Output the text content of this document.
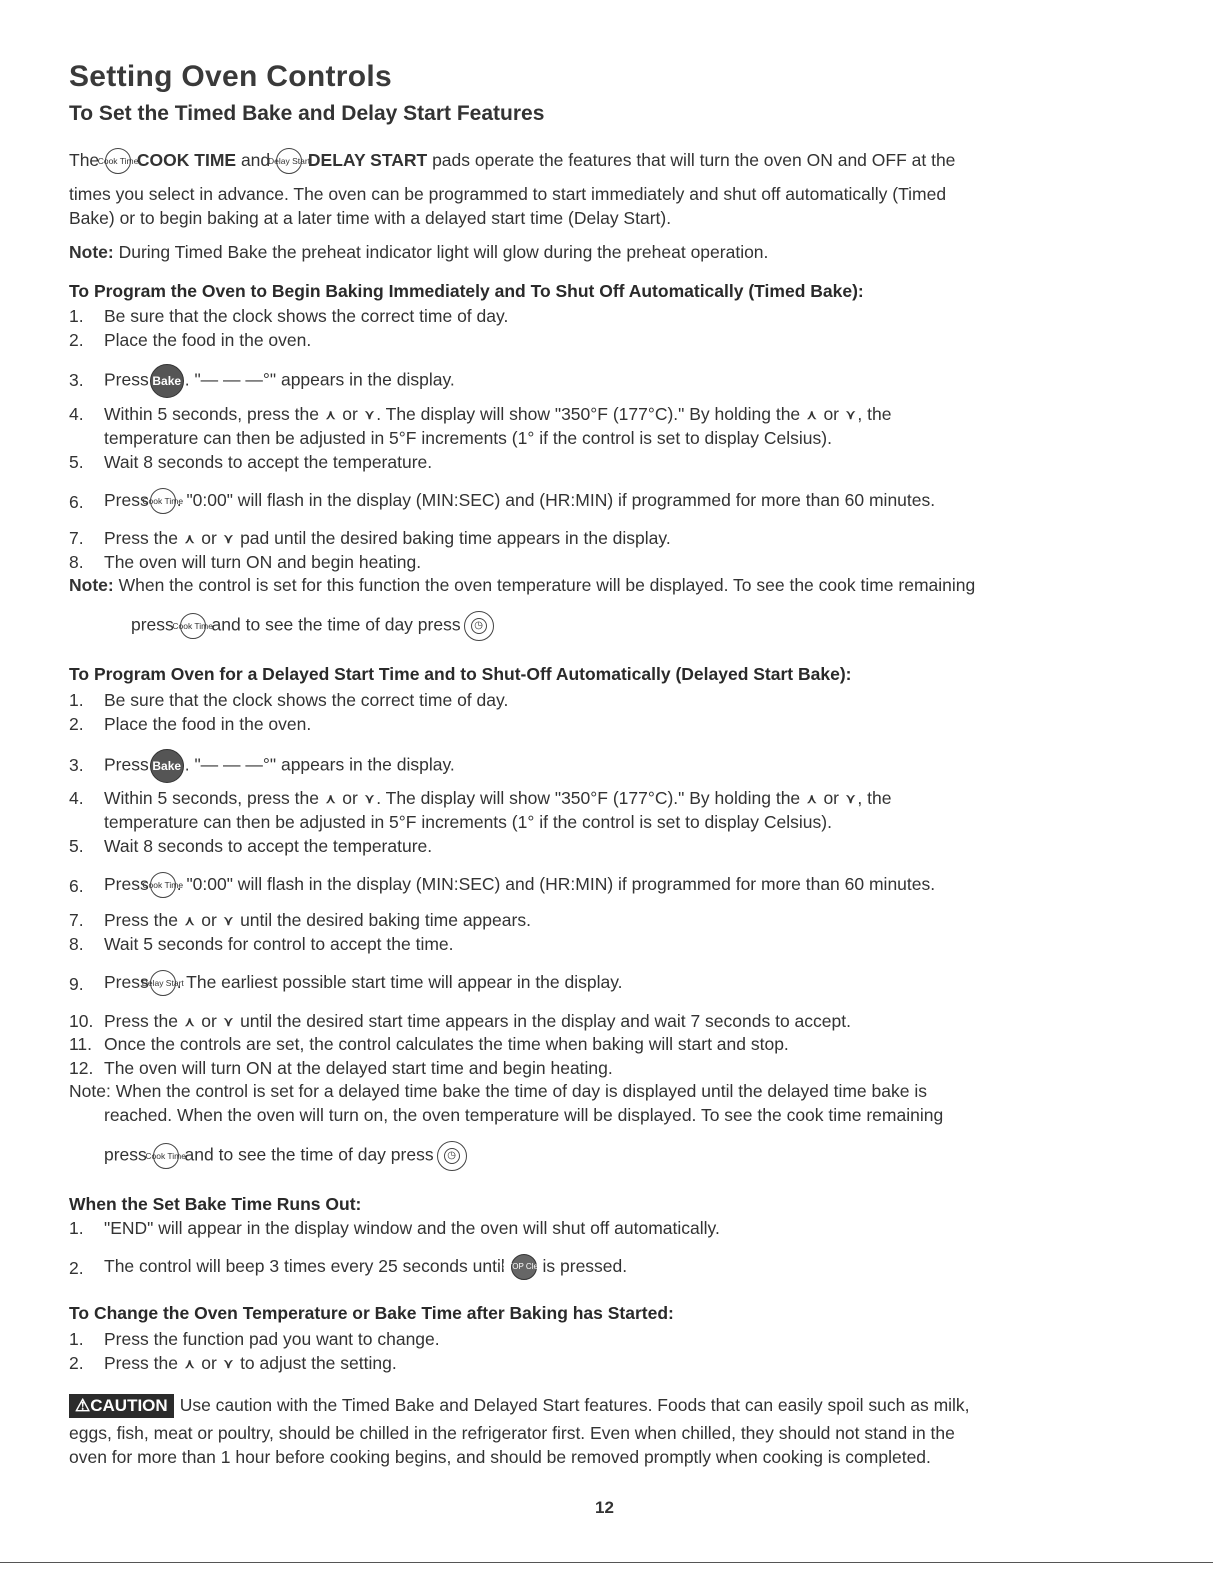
Setting Oven Controls
To Set the Timed Bake and Delay Start Features
The Cook Time COOK TIME and Delay Start DELAY START pads operate the features that will turn the oven ON and OFF at the
times you select in advance. The oven can be programmed to start immediately and shut off automatically (Timed
Bake) or to begin baking at a later time with a delayed start time (Delay Start).
Note: During Timed Bake the preheat indicator light will glow during the preheat operation.
To Program the Oven to Begin Baking Immediately and To Shut Off Automatically (Timed Bake):
1. Be sure that the clock shows the correct time of day.
2. Place the food in the oven.
3. Press Bake . "— — —°" appears in the display.
4. Within 5 seconds, press the ⋏ or ⋎ . The display will show "350°F (177°C)." By holding the ⋏ or ⋎ , the
temperature can then be adjusted in 5°F increments (1° if the control is set to display Celsius).
5. Wait 8 seconds to accept the temperature.
6. PressCook Time. "0:00" will flash in the display (MIN:SEC) and (HR:MIN) if programmed for more than 60 minutes.
7. Press the ⋏ or ⋎ pad until the desired baking time appears in the display.
8. The oven will turn ON and begin heating.
Note: When the control is set for this function the oven temperature will be displayed. To see the cook time remaining
press Cook Time and to see the time of day press	◷
To Program Oven for a Delayed Start Time and to Shut-Off Automatically (Delayed Start Bake):
1. Be sure that the clock shows the correct time of day.
2. Place the food in the oven.
3. Press Bake . "— — —°" appears in the display.
4. Within 5 seconds, press the ⋏ or ⋎ . The display will show "350°F (177°C)." By holding the ⋏ or ⋎ , the
temperature can then be adjusted in 5°F increments (1° if the control is set to display Celsius).
5. Wait 8 seconds to accept the temperature.
6. PressCook Time. "0:00" will flash in the display (MIN:SEC) and (HR:MIN) if programmed for more than 60 minutes.
7. Press the ⋏ or ⋎ until the desired baking time appears.
8. Wait 5 seconds for control to accept the time.
9. PressDelay Start. The earliest possible start time will appear in the display.
10. Press the ⋏ or ⋎ until the desired start time appears in the display and wait 7 seconds to accept.
11. Once the controls are set, the control calculates the time when baking will start and stop.
12. The oven will turn ON at the delayed start time and begin heating.
Note: When the control is set for a delayed time bake the time of day is displayed until the delayed time bake is
reached. When the oven will turn on, the oven temperature will be displayed. To see the cook time remaining
press Cook Time and to see the time of day press	◷
When the Set Bake Time Runs Out:
1. "END" will appear in the display window and the oven will shut off automatically.
2. The control will beep 3 times every 25 seconds until STOP Clear is pressed.
To Change the Oven Temperature or Bake Time after Baking has Started:
1. Press the function pad you want to change.
2. Press the ⋏ or ⋎ to adjust the setting.
⚠CAUTION Use caution with the Timed Bake and Delayed Start features. Foods that can easily spoil such as milk,
eggs, fish, meat or poultry, should be chilled in the refrigerator first. Even when chilled, they should not stand in the
oven for more than 1 hour before cooking begins, and should be removed promptly when cooking is completed.
12
